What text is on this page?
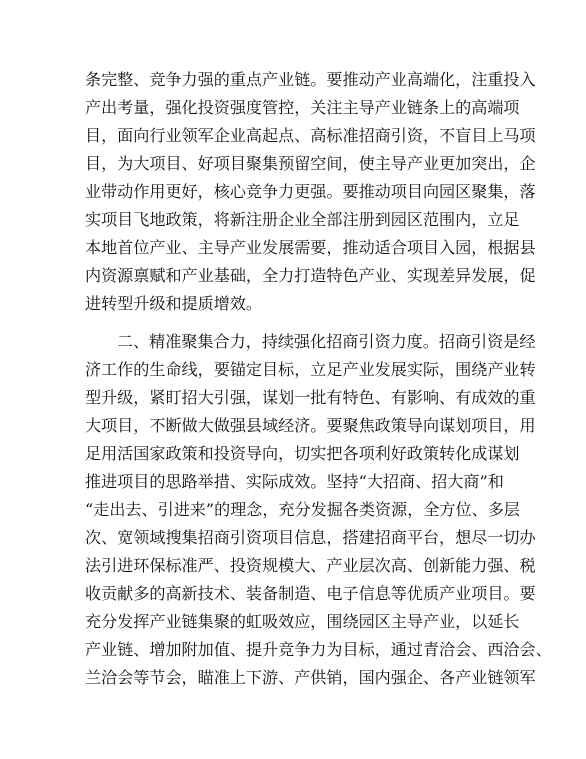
条完整、竞争力强的重点产业链。要推动产业高端化，注重投入
产出考量，强化投资强度管控，关注主导产业链条上的高端项
目，面向行业领军企业高起点、高标准招商引资，不盲目上马项
目，为大项目、好项目聚集预留空间，使主导产业更加突出，企
业带动作用更好，核心竞争力更强。要推动项目向园区聚集，落
实项目飞地政策，将新注册企业全部注册到园区范围内，立足
本地首位产业、主导产业发展需要，推动适合项目入园，根据县
内资源禀赋和产业基础，全力打造特色产业、实现差异发展，促
进转型升级和提质增效。
二、精准聚集合力，持续强化招商引资力度。招商引资是经
济工作的生命线，要锚定目标，立足产业发展实际，围绕产业转
型升级，紧盯招大引强，谋划一批有特色、有影响、有成效的重
大项目，不断做大做强县域经济。要聚焦政策导向谋划项目，用
足用活国家政策和投资导向，切实把各项利好政策转化成谋划
推进项目的思路举措、实际成效。坚持“大招商、招大商”和
“走出去、引进来”的理念，充分发掘各类资源，全方位、多层
次、宽领域搜集招商引资项目信息，搭建招商平台，想尽一切办
法引进环保标准严、投资规模大、产业层次高、创新能力强、税
收贡献多的高新技术、装备制造、电子信息等优质产业项目。要
充分发挥产业链集聚的虹吸效应，围绕园区主导产业，以延长
产业链、增加附加值、提升竞争力为目标，通过青洽会、西洽会、
兰洽会等节会，瞄准上下游、产供销，国内强企、各产业链领军
